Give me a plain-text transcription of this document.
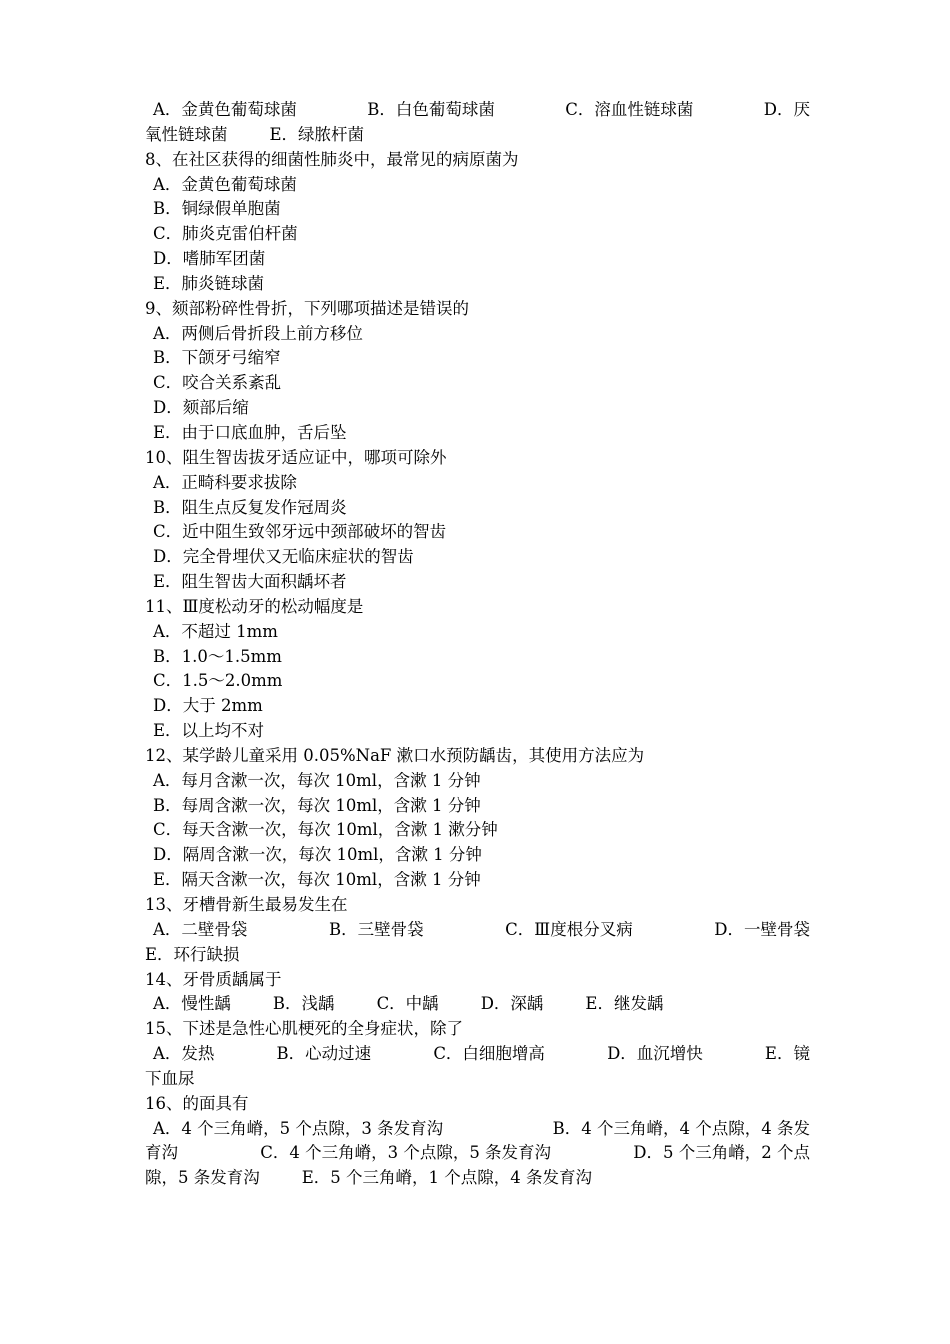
A．金黄色葡萄球菌	B．白色葡萄球菌	C．溶血性链球菌	D．厌
氧性链球菌	E．绿脓杆菌
8、在社区获得的细菌性肺炎中，最常见的病原菌为
A．金黄色葡萄球菌
B．铜绿假单胞菌
C．肺炎克雷伯杆菌
D．嗜肺军团菌
E．肺炎链球菌
9、颏部粉碎性骨折，下列哪项描述是错误的
A．两侧后骨折段上前方移位
B．下颌牙弓缩窄
C．咬合关系紊乱
D．颏部后缩
E．由于口底血肿，舌后坠
10、阻生智齿拔牙适应证中，哪项可除外
A．正畸科要求拔除
B．阻生点反复发作冠周炎
C．近中阻生致邻牙远中颈部破坏的智齿
D．完全骨埋伏又无临床症状的智齿
E．阻生智齿大面积龋坏者
11、Ⅲ度松动牙的松动幅度是
A．不超过 1mm
B．1.0～1.5mm
C．1.5～2.0mm
D．大于 2mm
E．以上均不对
12、某学龄儿童采用 0.05%NaF 漱口水预防龋齿，其使用方法应为
A．每月含漱一次，每次 10ml，含漱 1 分钟
B．每周含漱一次，每次 10ml，含漱 1 分钟
C．每天含漱一次，每次 10ml，含漱 1 漱分钟
D．隔周含漱一次，每次 10ml，含漱 1 分钟
E．隔天含漱一次，每次 10ml，含漱 1 分钟
13、牙槽骨新生最易发生在
A．二壁骨袋	B．三壁骨袋	C．Ⅲ度根分叉病	D．一壁骨袋
E．环行缺损
14、牙骨质龋属于
A．慢性龋	B．浅龋	C．中龋	D．深龋	E．继发龋
15、下述是急性心肌梗死的全身症状，除了
A．发热	B．心动过速	C．白细胞增高	D．血沉增快	E．镜
下血尿
16、的面具有
A．4 个三角嵴，5 个点隙，3 条发育沟	B．4 个三角嵴，4 个点隙，4 条发
育沟	C．4 个三角嵴，3 个点隙，5 条发育沟	D．5 个三角嵴，2 个点
隙，5 条发育沟	E．5 个三角嵴，1 个点隙，4 条发育沟
